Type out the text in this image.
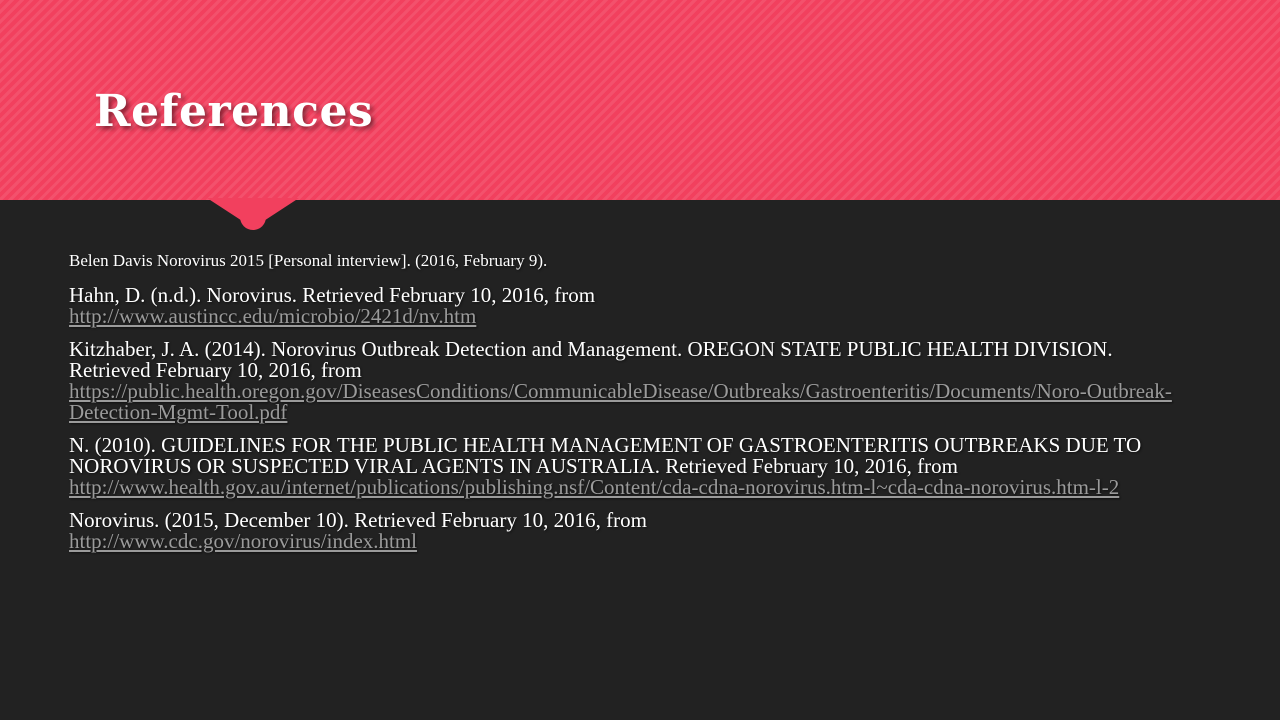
References

Belen Davis Norovirus 2015 [Personal interview]. (2016, February 9).

Hahn, D. (n.d.). Norovirus. Retrieved February 10, 2016, from
http://www.austincc.edu/microbio/2421d/nv.htm

Kitzhaber, J. A. (2014). Norovirus Outbreak Detection and Management. OREGON STATE PUBLIC HEALTH DIVISION. Retrieved February 10, 2016, from
https://public.health.oregon.gov/DiseasesConditions/CommunicableDisease/Outbreaks/Gastroenteritis/Documents/Noro-Outbreak-Detection-Mgmt-Tool.pdf

N. (2010). GUIDELINES FOR THE PUBLIC HEALTH MANAGEMENT OF GASTROENTERITIS OUTBREAKS DUE TO NOROVIRUS OR SUSPECTED VIRAL AGENTS IN AUSTRALIA. Retrieved February 10, 2016, from http://www.health.gov.au/internet/publications/publishing.nsf/Content/cda-cdna-norovirus.htm-l~cda-cdna-norovirus.htm-l-2

Norovirus. (2015, December 10). Retrieved February 10, 2016, from
http://www.cdc.gov/norovirus/index.html
